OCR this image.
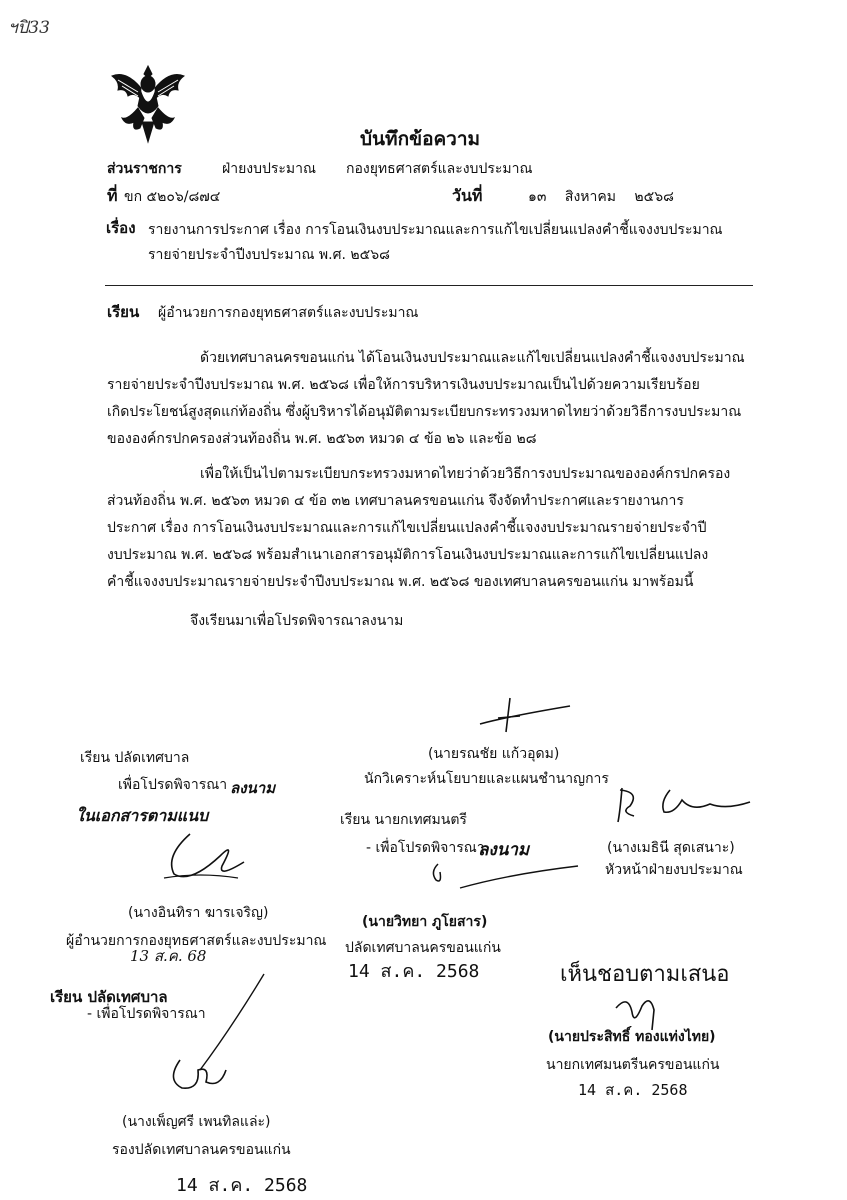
ฯปิ33
บันทึกข้อความ
ส่วนราชการ	ฝ่ายงบประมาณ กองยุทธศาสตร์และงบประมาณ
ที่ ขก ๕๒๐๖/๘๗๔	วันที่	๑๓ สิงหาคม ๒๕๖๘
เรื่อง รายงานการประกาศ เรื่อง การโอนเงินงบประมาณและการแก้ไขเปลี่ยนแปลงคำชี้แจงงบประมาณ
รายจ่ายประจำปีงบประมาณ พ.ศ. ๒๕๖๘
เรียน ผู้อำนวยการกองยุทธศาสตร์และงบประมาณ
ด้วยเทศบาลนครขอนแก่น ได้โอนเงินงบประมาณและแก้ไขเปลี่ยนแปลงคำชี้แจงงบประมาณ
รายจ่ายประจำปีงบประมาณ พ.ศ. ๒๕๖๘ เพื่อให้การบริหารเงินงบประมาณเป็นไปด้วยความเรียบร้อย
เกิดประโยชน์สูงสุดแก่ท้องถิ่น ซึ่งผู้บริหารได้อนุมัติตามระเบียบกระทรวงมหาดไทยว่าด้วยวิธีการงบประมาณ
ขององค์กรปกครองส่วนท้องถิ่น พ.ศ. ๒๕๖๓ หมวด ๔ ข้อ ๒๖ และข้อ ๒๘
เพื่อให้เป็นไปตามระเบียบกระทรวงมหาดไทยว่าด้วยวิธีการงบประมาณขององค์กรปกครอง
ส่วนท้องถิ่น พ.ศ. ๒๕๖๓ หมวด ๔ ข้อ ๓๒ เทศบาลนครขอนแก่น จึงจัดทำประกาศและรายงานการ
ประกาศ เรื่อง การโอนเงินงบประมาณและการแก้ไขเปลี่ยนแปลงคำชี้แจงงบประมาณรายจ่ายประจำปี
งบประมาณ พ.ศ. ๒๕๖๘ พร้อมสำเนาเอกสารอนุมัติการโอนเงินงบประมาณและการแก้ไขเปลี่ยนแปลง
คำชี้แจงงบประมาณรายจ่ายประจำปีงบประมาณ พ.ศ. ๒๕๖๘ ของเทศบาลนครขอนแก่น มาพร้อมนี้
จึงเรียนมาเพื่อโปรดพิจารณาลงนาม
(นายรณชัย แก้วอุดม)
นักวิเคราะห์นโยบายและแผนชำนาญการ
เรียน ปลัดเทศบาล
เพื่อโปรดพิจารณา ลงนาม
ในเอกสารตามแนบ
(นางอินทิรา ฆารเจริญ)
ผู้อำนวยการกองยุทธศาสตร์และงบประมาณ
13 ส.ค. 68
เรียน นายกเทศมนตรี
- เพื่อโปรดพิจารณา
ลงนาม
(นายวิทยา ภูโยสาร)
ปลัดเทศบาลนครขอนแก่น
14 ส.ค. 2568
(นางเมธินี สุดเสนาะ)
หัวหน้าฝ่ายงบประมาณ
เรียน ปลัดเทศบาล
- เพื่อโปรดพิจารณา
(นางเพ็ญศรี เพนทิลแล่ะ)
รองปลัดเทศบาลนครขอนแก่น
14 ส.ค. 2568
เห็นชอบตามเสนอ
(นายประสิทธิ์ ทองแท่งไทย)
นายกเทศมนตรีนครขอนแก่น
14 ส.ค. 2568
